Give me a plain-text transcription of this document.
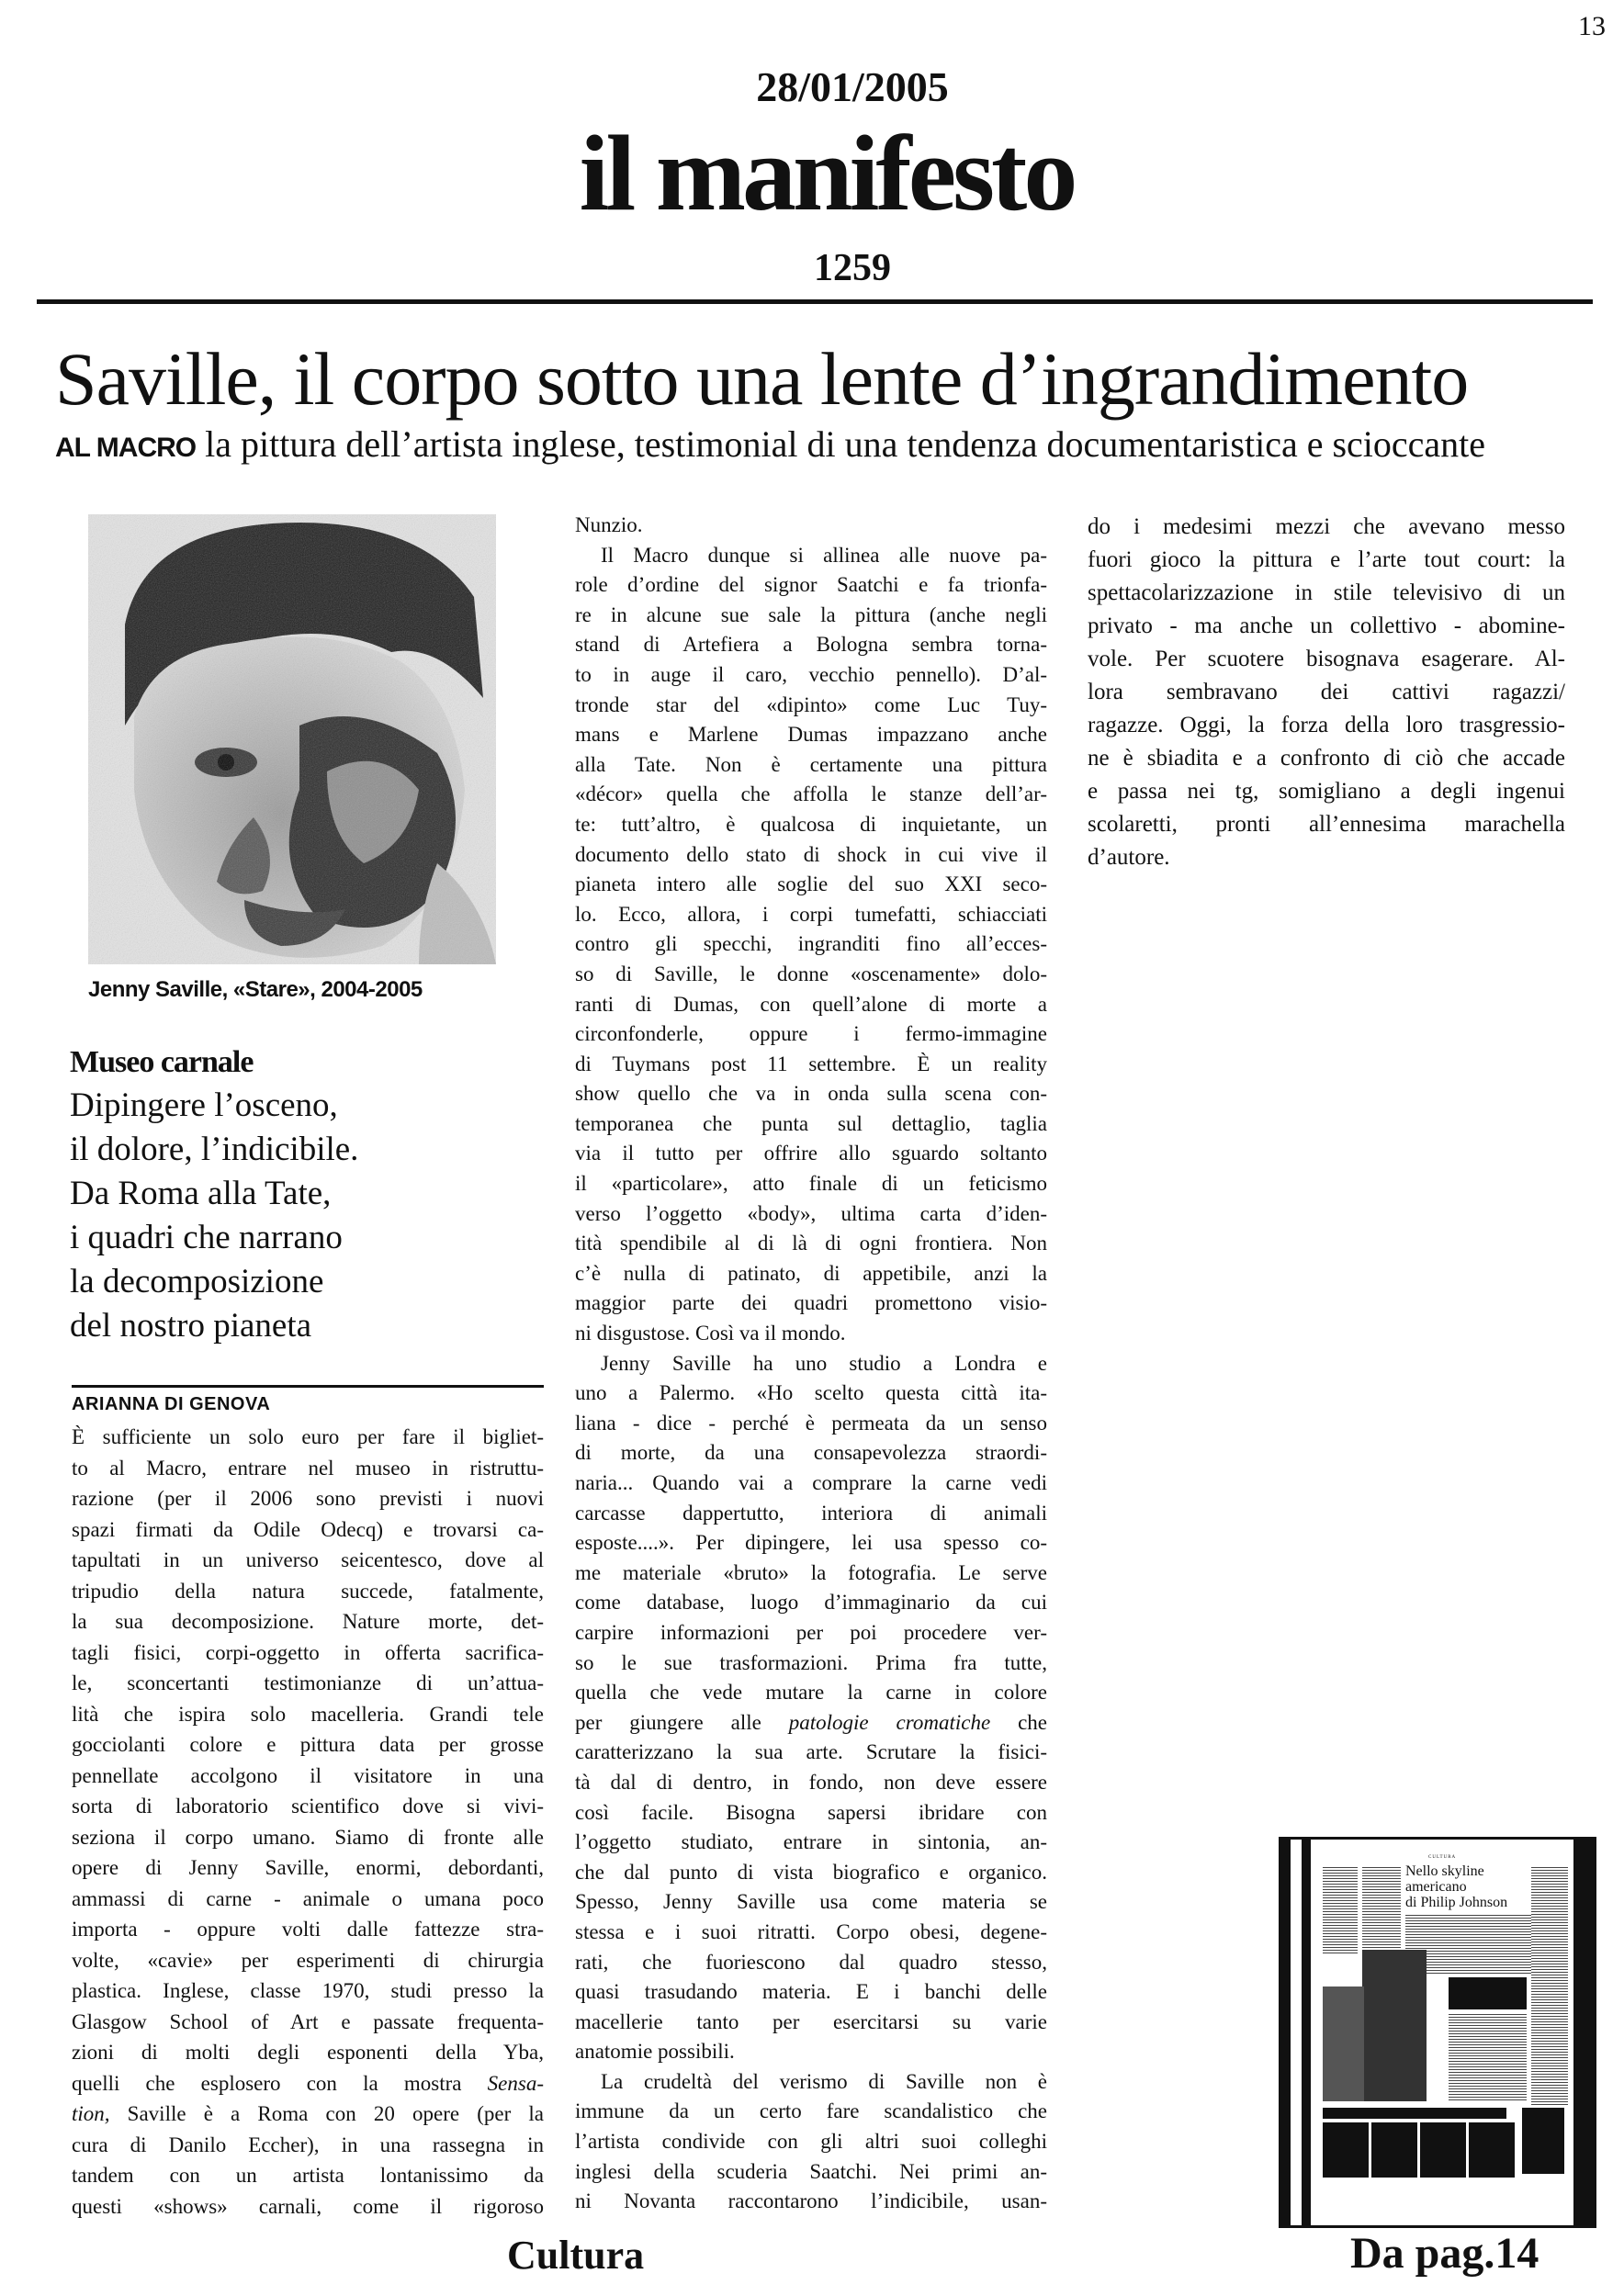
13
28/01/2005
il manifesto
1259
Saville, il corpo sotto una lente d’ingrandimento
AL MACRO la pittura dell’artista inglese, testimonial di una tendenza documentaristica e scioccante
Jenny Saville, «Stare», 2004-2005
Museo carnale
Dipingere l’osceno,
il dolore, l’indicibile.
Da Roma alla Tate,
i quadri che narrano
la decomposizione
del nostro pianeta
ARIANNA DI GENOVA
È sufficiente un solo euro per fare il bigliet-
to al Macro, entrare nel museo in ristruttu-
razione (per il 2006 sono previsti i nuovi
spazi firmati da Odile Odecq) e trovarsi ca-
tapultati in un universo seicentesco, dove al
tripudio della natura succede, fatalmente,
la sua decomposizione. Nature morte, det-
tagli fisici, corpi-oggetto in offerta sacrifica-
le, sconcertanti testimonianze di un’attua-
lità che ispira solo macelleria. Grandi tele
gocciolanti colore e pittura data per grosse
pennellate accolgono il visitatore in una
sorta di laboratorio scientifico dove si vivi-
seziona il corpo umano. Siamo di fronte alle
opere di Jenny Saville, enormi, debordanti,
ammassi di carne - animale o umana poco
importa - oppure volti dalle fattezze stra-
volte, «cavie» per esperimenti di chirurgia
plastica. Inglese, classe 1970, studi presso la
Glasgow School of Art e passate frequenta-
zioni di molti degli esponenti della Yba,
quelli che esplosero con la mostra Sensa-
tion, Saville è a Roma con 20 opere (per la
cura di Danilo Eccher), in una rassegna in
tandem con un artista lontanissimo da
questi «shows» carnali, come il rigoroso
Nunzio.
Il Macro dunque si allinea alle nuove pa-
role d’ordine del signor Saatchi e fa trionfa-
re in alcune sue sale la pittura (anche negli
stand di Artefiera a Bologna sembra torna-
to in auge il caro, vecchio pennello). D’al-
tronde star del «dipinto» come Luc Tuy-
mans e Marlene Dumas impazzano anche
alla Tate. Non è certamente una pittura
«décor» quella che affolla le stanze dell’ar-
te: tutt’altro, è qualcosa di inquietante, un
documento dello stato di shock in cui vive il
pianeta intero alle soglie del suo XXI seco-
lo. Ecco, allora, i corpi tumefatti, schiacciati
contro gli specchi, ingranditi fino all’ecces-
so di Saville, le donne «oscenamente» dolo-
ranti di Dumas, con quell’alone di morte a
circonfonderle, oppure i fermo-immagine
di Tuymans post 11 settembre. È un reality
show quello che va in onda sulla scena con-
temporanea che punta sul dettaglio, taglia
via il tutto per offrire allo sguardo soltanto
il «particolare», atto finale di un feticismo
verso l’oggetto «body», ultima carta d’iden-
tità spendibile al di là di ogni frontiera. Non
c’è nulla di patinato, di appetibile, anzi la
maggior parte dei quadri promettono visio-
ni disgustose. Così va il mondo.
Jenny Saville ha uno studio a Londra e
uno a Palermo. «Ho scelto questa città ita-
liana - dice - perché è permeata da un senso
di morte, da una consapevolezza straordi-
naria... Quando vai a comprare la carne vedi
carcasse dappertutto, interiora di animali
esposte....». Per dipingere, lei usa spesso co-
me materiale «bruto» la fotografia. Le serve
come database, luogo d’immaginario da cui
carpire informazioni per poi procedere ver-
so le sue trasformazioni. Prima fra tutte,
quella che vede mutare la carne in colore
per giungere alle patologie cromatiche che
caratterizzano la sua arte. Scrutare la fisici-
tà dal di dentro, in fondo, non deve essere
così facile. Bisogna sapersi ibridare con
l’oggetto studiato, entrare in sintonia, an-
che dal punto di vista biografico e organico.
Spesso, Jenny Saville usa come materia se
stessa e i suoi ritratti. Corpo obesi, degene-
rati, che fuoriescono dal quadro stesso,
quasi trasudando materia. E i banchi delle
macellerie tanto per esercitarsi su varie
anatomie possibili.
La crudeltà del verismo di Saville non è
immune da un certo fare scandalistico che
l’artista condivide con gli altri suoi colleghi
inglesi della scuderia Saatchi. Nei primi an-
ni Novanta raccontarono l’indicibile, usan-
do i medesimi mezzi che avevano messo
fuori gioco la pittura e l’arte tout court: la
spettacolarizzazione in stile televisivo di un
privato - ma anche un collettivo - abomine-
vole. Per scuotere bisognava esagerare. Al-
lora sembravano dei cattivi ragazzi/
ragazze. Oggi, la forza della loro trasgressio-
ne è sbiadita e a confronto di ciò che accade
e passa nei tg, somigliano a degli ingenui
scolaretti, pronti all’ennesima marachella
d’autore.
Cultura
CULTURA
Nello skyline
americano
di Philip Johnson
Da pag.14
